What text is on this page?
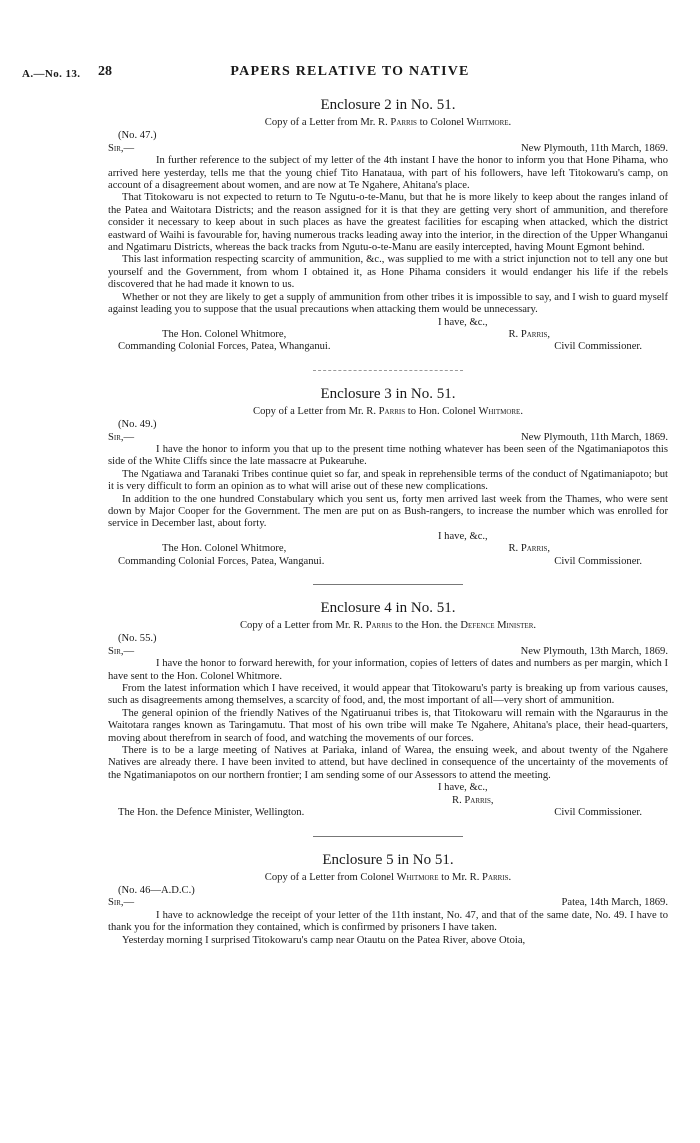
A.—No. 13. 28	PAPERS RELATIVE TO NATIVE
Enclosure 2 in No. 51.
Copy of a Letter from Mr. R. Parris to Colonel Whitmore.
(No. 47.)
Sir,—	New Plymouth, 11th March, 1869.

In further reference to the subject of my letter of the 4th instant I have the honor to inform you that Hone Pihama, who arrived here yesterday, tells me that the young chief Tito Hanataua, with part of his followers, have left Titokowaru's camp, on account of a disagreement about women, and are now at Te Ngahere, Ahitana's place.

That Titokowaru is not expected to return to Te Ngutu-o-te-Manu, but that he is more likely to keep about the ranges inland of the Patea and Waitotara Districts; and the reason assigned for it is that they are getting very short of ammunition, and therefore consider it necessary to keep about in such places as have the greatest facilities for escaping when attacked, which the district eastward of Waihi is favourable for, having numerous tracks leading away into the interior, in the direction of the Upper Whanganui and Ngatimaru Districts, whereas the back tracks from Ngutu-o-te-Manu are easily intercepted, having Mount Egmont behind.

This last information respecting scarcity of ammunition, &c., was supplied to me with a strict injunction not to tell any one but yourself and the Government, from whom I obtained it, as Hone Pihama considers it would endanger his life if the rebels discovered that he had made it known to us.

Whether or not they are likely to get a supply of ammunition from other tribes it is impossible to say, and I wish to guard myself against leading you to suppose that the usual precautions when attacking them would be unnecessary.

I have, &c.,
The Hon. Colonel Whitmore,	R. Parris,
Commanding Colonial Forces, Patea, Whanganui.	Civil Commissioner.
Enclosure 3 in No. 51.
Copy of a Letter from Mr. R. Parris to Hon. Colonel Whitmore.
(No. 49.)
Sir,—	New Plymouth, 11th March, 1869.

I have the honor to inform you that up to the present time nothing whatever has been seen of the Ngatimaniapotos this side of the White Cliffs since the late massacre at Pukearuhe.

The Ngatiawa and Taranaki Tribes continue quiet so far, and speak in reprehensible terms of the conduct of Ngatimaniapoto; but it is very difficult to form an opinion as to what will arise out of these new complications.

In addition to the one hundred Constabulary which you sent us, forty men arrived last week from the Thames, who were sent down by Major Cooper for the Government. The men are put on as Bush-rangers, to increase the number which was enrolled for service in December last, about forty.

I have, &c.,
The Hon. Colonel Whitmore,	R. Parris,
Commanding Colonial Forces, Patea, Wanganui.	Civil Commissioner.
Enclosure 4 in No. 51.
Copy of a Letter from Mr. R. Parris to the Hon. the Defence Minister.
(No. 55.)
Sir,—	New Plymouth, 13th March, 1869.

I have the honor to forward herewith, for your information, copies of letters of dates and numbers as per margin, which I have sent to the Hon. Colonel Whitmore.

From the latest information which I have received, it would appear that Titokowaru's party is breaking up from various causes, such as disagreements among themselves, a scarcity of food, and, the most important of all—very short of ammunition.

The general opinion of the friendly Natives of the Ngatiruanui tribes is, that Titokowaru will remain with the Ngaraurus in the Waitotara ranges known as Taringamutu. That most of his own tribe will make Te Ngahere, Ahitana's place, their head-quarters, moving about therefrom in search of food, and watching the movements of our forces.

There is to be a large meeting of Natives at Pariaka, inland of Warea, the ensuing week, and about twenty of the Ngahere Natives are already there. I have been invited to attend, but have declined in consequence of the uncertainty of the movements of the Ngatimaniapotos on our northern frontier; I am sending some of our Assessors to attend the meeting.

I have, &c.,
R. Parris,
The Hon. the Defence Minister, Wellington.	Civil Commissioner.
Enclosure 5 in No 51.
Copy of a Letter from Colonel Whitmore to Mr. R. Parris.
(No. 46—A.D.C.)
Sir,—	Patea, 14th March, 1869.

I have to acknowledge the receipt of your letter of the 11th instant, No. 47, and that of the same date, No. 49. I have to thank you for the information they contained, which is confirmed by prisoners I have taken.

Yesterday morning I surprised Titokowaru's camp near Otautu on the Patea River, above Otoia,
